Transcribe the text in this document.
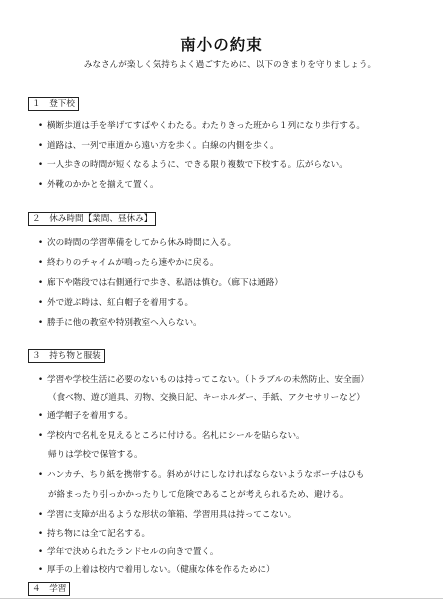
南小の約束
みなさんが楽しく気持ちよく過ごすために、以下のきまりを守りましょう。
１　登下校
• 横断歩道は手を挙げてすばやくわたる。わたりきった班から１列になり歩行する。
• 道路は、一列で車道から遠い方を歩く。白線の内側を歩く。
• 一人歩きの時間が短くなるように、できる限り複数で下校する。広がらない。
• 外靴のかかとを揃えて置く。
２　休み時間【業間、昼休み】
• 次の時間の学習準備をしてから休み時間に入る。
• 終わりのチャイムが鳴ったら速やかに戻る。
• 廊下や階段では右側通行で歩き、私語は慎む。（廊下は通路）
• 外で遊ぶ時は、紅白帽子を着用する。
• 勝手に他の教室や特別教室へ入らない。
３　持ち物と服装
• 学習や学校生活に必要のないものは持ってこない。（トラブルの未然防止、安全面）
（食べ物、遊び道具、刃物、交換日記、キーホルダー、手紙、アクセサリーなど）
• 通学帽子を着用する。
• 学校内で名札を見えるところに付ける。名札にシールを貼らない。
帰りは学校で保管する。
• ハンカチ、ちり紙を携帯する。斜めがけにしなければならないようなポーチはひも
が絡まったり引っかかったりして危険であることが考えられるため、避ける。
• 学習に支障が出るような形状の筆箱、学習用具は持ってこない。
• 持ち物には全て記名する。
• 学年で決められたランドセルの向きで置く。
• 厚手の上着は校内で着用しない。（健康な体を作るために）
４　学習
